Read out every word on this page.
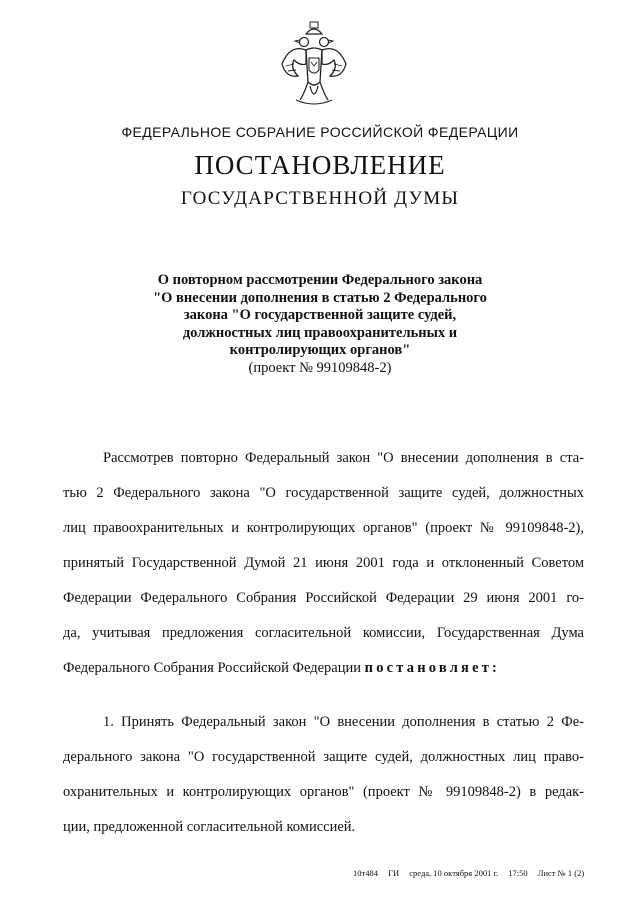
ФЕДЕРАЛЬНОЕ СОБРАНИЕ РОССИЙСКОЙ ФЕДЕРАЦИИ
ПОСТАНОВЛЕНИЕ
ГОСУДАРСТВЕННОЙ ДУМЫ
О повторном рассмотрении Федерального закона
"О внесении дополнения в статью 2 Федерального
закона "О государственной защите судей,
должностных лиц правоохранительных и
контролирующих органов"
(проект № 99109848-2)
Рассмотрев повторно Федеральный закон "О внесении дополнения в ста-
тью 2 Федерального закона "О государственной защите судей, должностных
лиц правоохранительных и контролирующих органов" (проект № 99109848-2),
принятый Государственной Думой 21 июня 2001 года и отклоненный Советом
Федерации Федерального Собрания Российской Федерации 29 июня 2001 го-
да, учитывая предложения согласительной комиссии, Государственная Дума
Федерального Собрания Российской Федерации постановляет:
1. Принять Федеральный закон "О внесении дополнения в статью 2 Фе-
дерального закона "О государственной защите судей, должностных лиц право-
охранительных и контролирующих органов" (проект № 99109848-2) в редак-
ции, предложенной согласительной комиссией.
10т484 ГИ среда, 10 октября 2001 г. 17:50 Лист № 1 (2)
